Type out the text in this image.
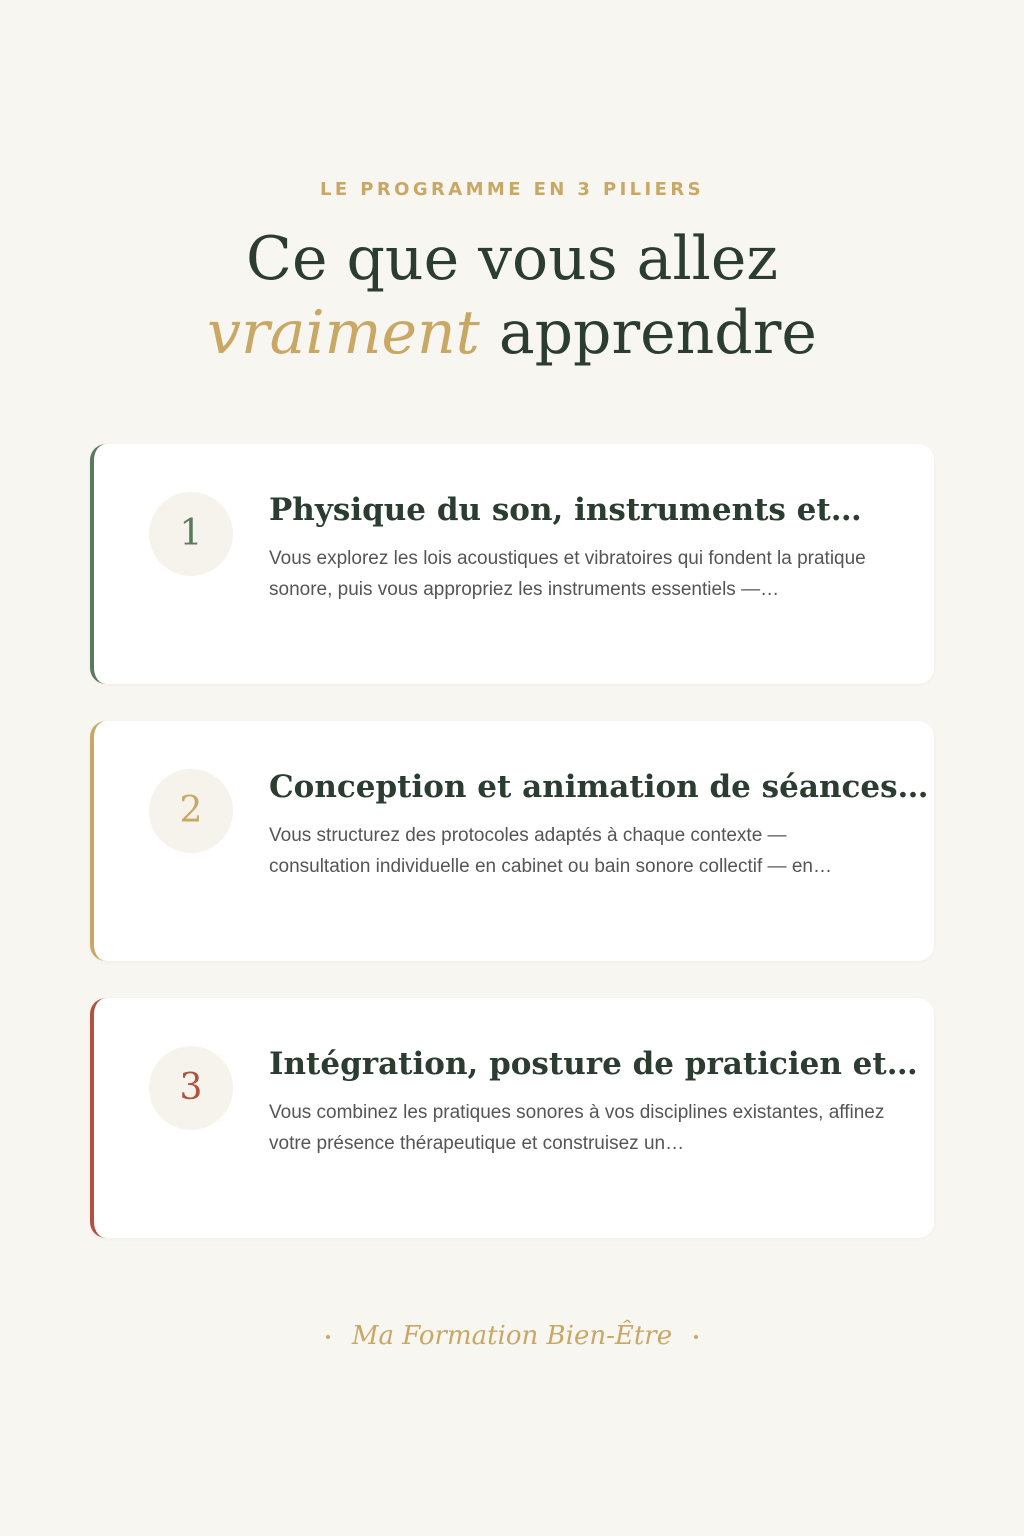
LE PROGRAMME EN 3 PILIERS
Ce que vous allez
vraiment apprendre
1
Physique du son, instruments et…

Vous explorez les lois acoustiques et vibratoires qui fondent la pratique sonore, puis vous appropriez les instruments essentiels —…

2
Conception et animation de séances…

Vous structurez des protocoles adaptés à chaque contexte — consultation individuelle en cabinet ou bain sonore collectif — en…

3
Intégration, posture de praticien et…

Vous combinez les pratiques sonores à vos disciplines existantes, affinez votre présence thérapeutique et construisez un…

Ma Formation Bien-Être
